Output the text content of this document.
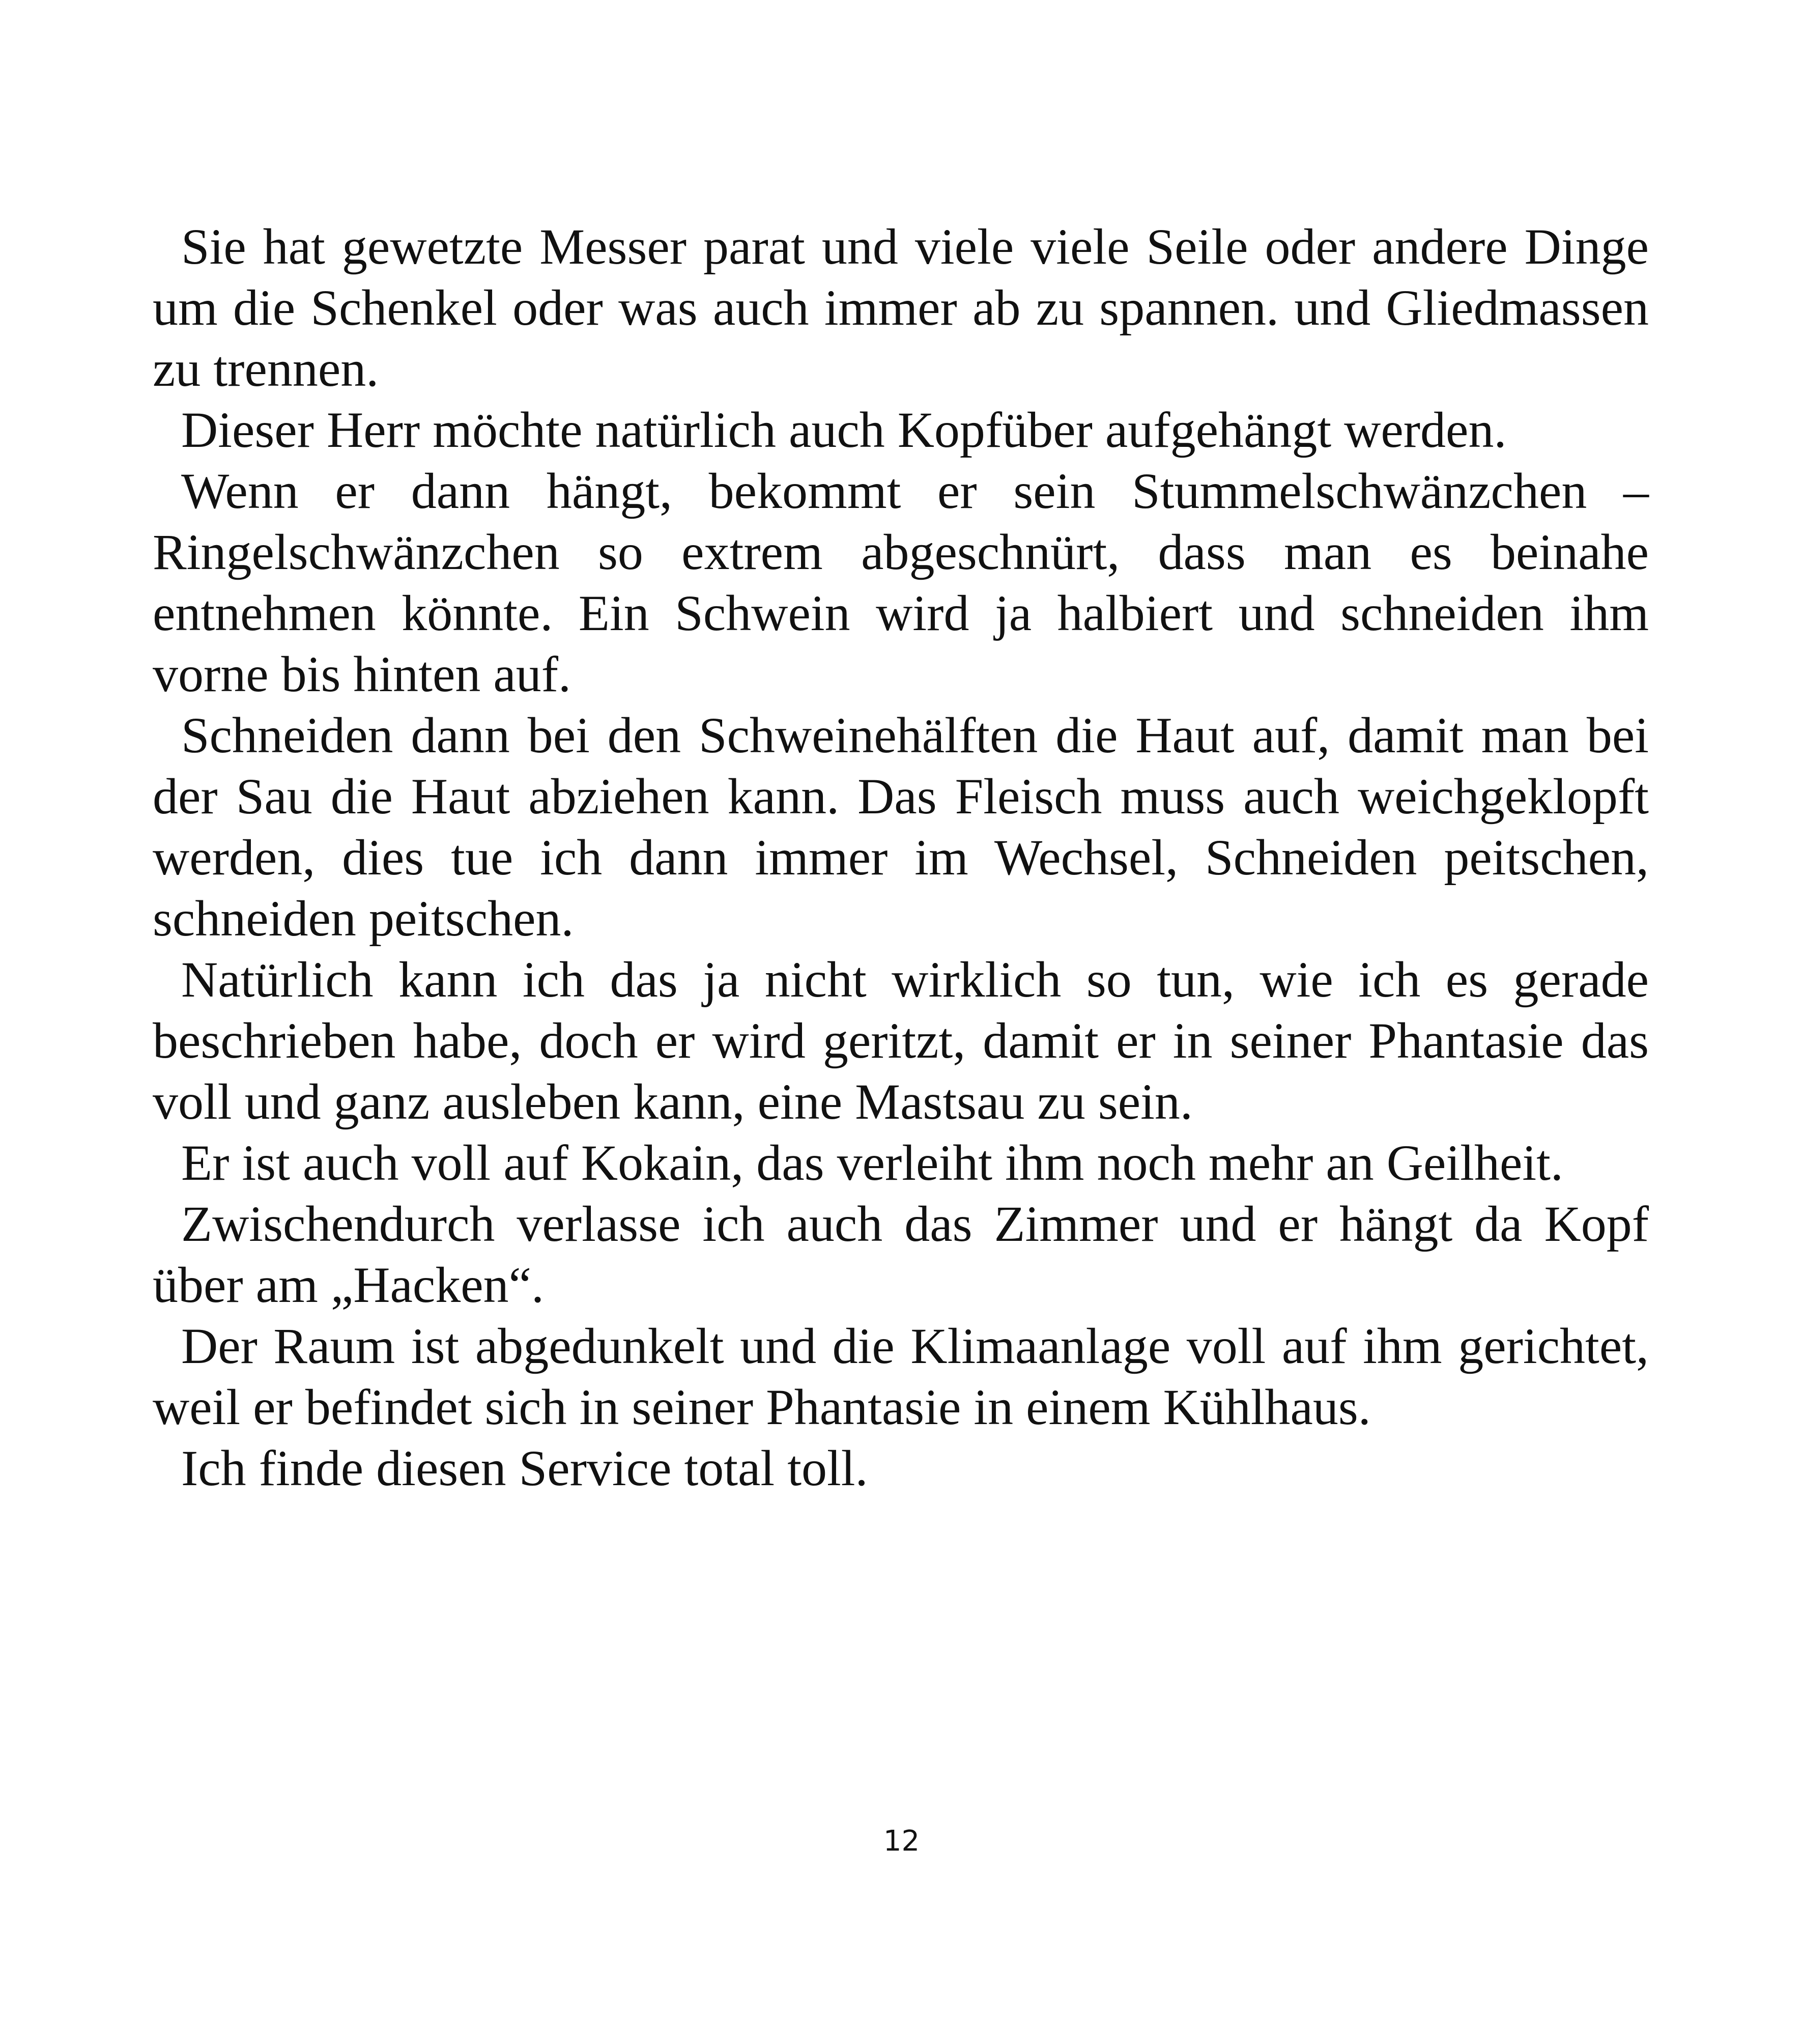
Sie hat gewetzte Messer parat und viele viele Seile oder andere Dinge um die Schenkel oder was auch immer ab zu spannen. und Gliedmassen zu trennen.

Dieser Herr möchte natürlich auch Kopfüber aufgehängt werden.

Wenn er dann hängt, bekommt er sein Stummelschwänzchen – Ringelschwänzchen so extrem abgeschnürt, dass man es beinahe entnehmen könnte. Ein Schwein wird ja halbiert und schneiden ihm vorne bis hinten auf.

Schneiden dann bei den Schweinehälften die Haut auf, damit man bei der Sau die Haut abziehen kann. Das Fleisch muss auch weichgeklopft werden, dies tue ich dann immer im Wechsel, Schneiden peitschen, schneiden peitschen.

Natürlich kann ich das ja nicht wirklich so tun, wie ich es gerade beschrieben habe, doch er wird geritzt, damit er in seiner Phantasie das voll und ganz ausleben kann, eine Mastsau zu sein.

Er ist auch voll auf Kokain, das verleiht ihm noch mehr an Geilheit.

Zwischendurch verlasse ich auch das Zimmer und er hängt da Kopf über am „Hacken“.

Der Raum ist abgedunkelt und die Klimaanlage voll auf ihm gerichtet, weil er befindet sich in seiner Phantasie in einem Kühlhaus.

Ich finde diesen Service total toll.

12
